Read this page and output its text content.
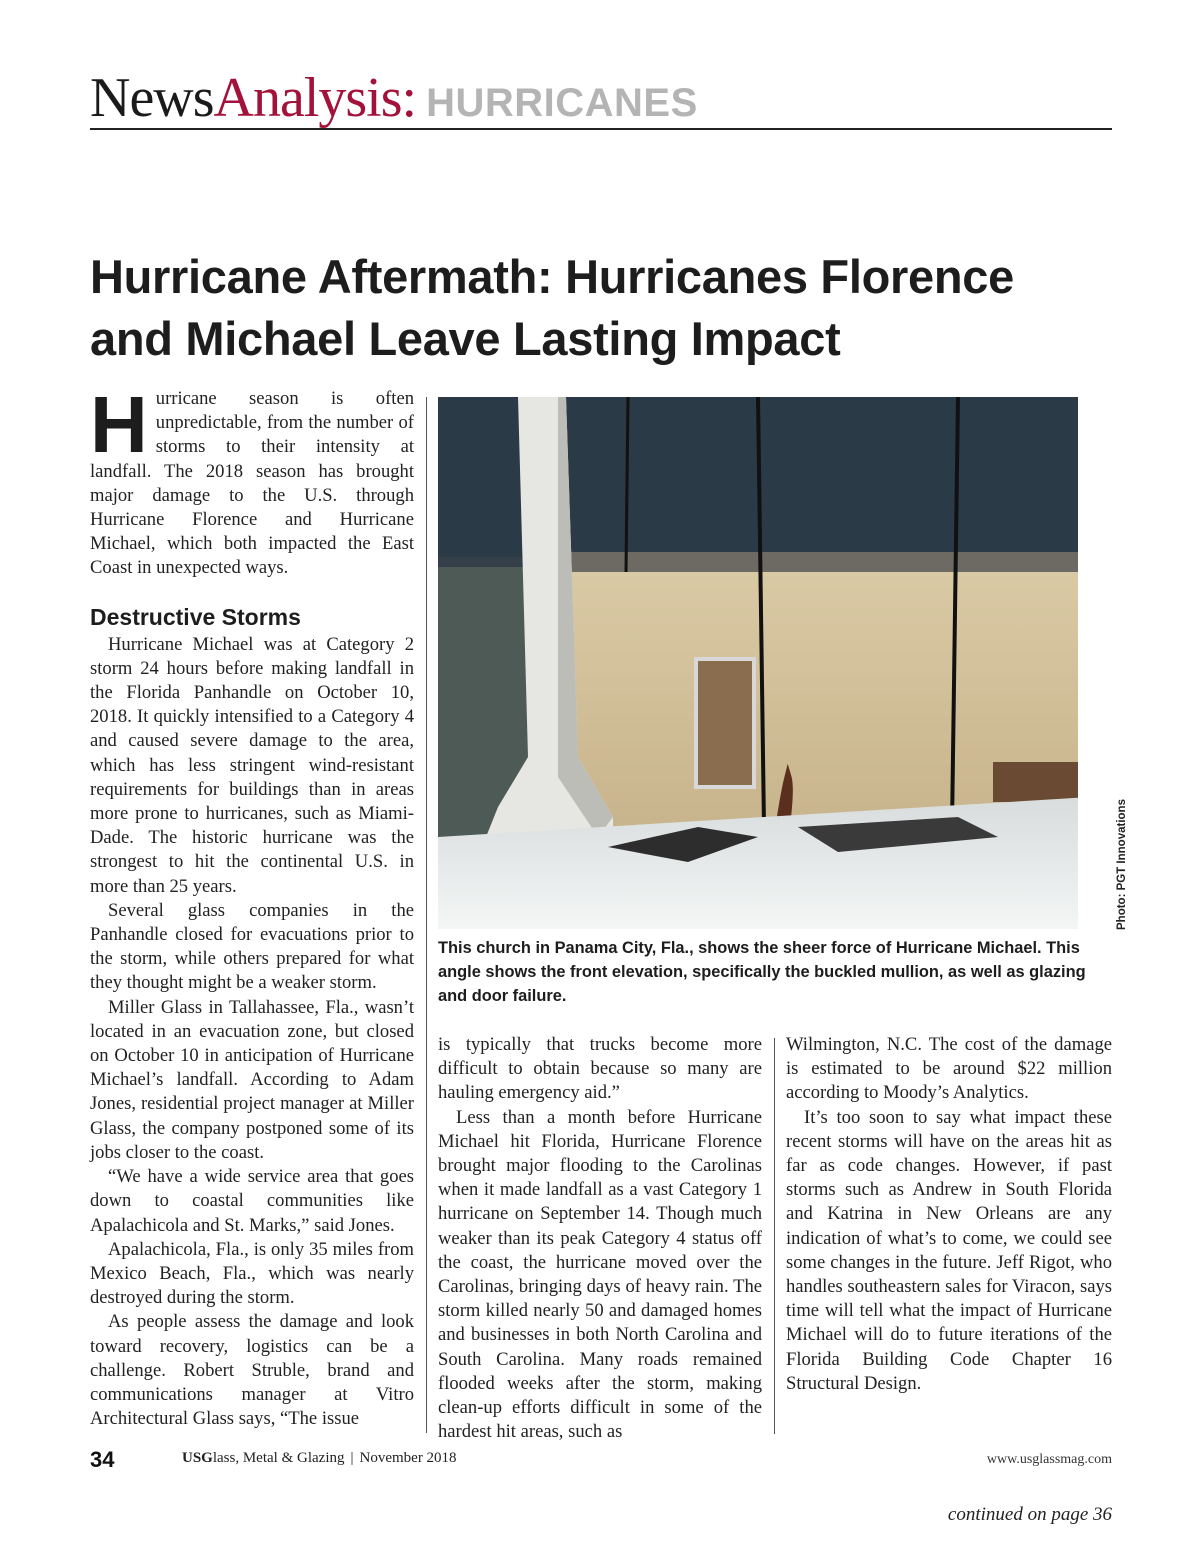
NewsAnalysis: HURRICANES
Hurricane Aftermath: Hurricanes Florence
and Michael Leave Lasting Impact

Hurricane season is often unpredictable, from the number of storms to their intensity at landfall. The 2018 season has brought major damage to the U.S. through Hurricane Florence and Hurricane Michael, which both impacted the East Coast in unexpected ways.

Destructive Storms

Hurricane Michael was at Category 2 storm 24 hours before making landfall in the Florida Panhandle on October 10, 2018. It quickly intensified to a Category 4 and caused severe damage to the area, which has less stringent wind-resistant requirements for buildings than in areas more prone to hurricanes, such as Miami-Dade. The historic hurricane was the strongest to hit the continental U.S. in more than 25 years.

Several glass companies in the Panhandle closed for evacuations prior to the storm, while others prepared for what they thought might be a weaker storm.

Miller Glass in Tallahassee, Fla., wasn’t located in an evacuation zone, but closed on October 10 in anticipation of Hurricane Michael’s landfall. According to Adam Jones, residential project manager at Miller Glass, the company postponed some of its jobs closer to the coast.

“We have a wide service area that goes down to coastal communities like Apalachicola and St. Marks,” said Jones.

Apalachicola, Fla., is only 35 miles from Mexico Beach, Fla., which was nearly destroyed during the storm.

As people assess the damage and look toward recovery, logistics can be a challenge. Robert Struble, brand and communications manager at Vitro Architectural Glass says, “The issue

Photo: PGT Innovations

This church in Panama City, Fla., shows the sheer force of Hurricane Michael. This angle shows the front elevation, specifically the buckled mullion, as well as glazing and door failure.

is typically that trucks become more difficult to obtain because so many are hauling emergency aid.”

Less than a month before Hurricane Michael hit Florida, Hurricane Florence brought major flooding to the Carolinas when it made landfall as a vast Category 1 hurricane on September 14. Though much weaker than its peak Category 4 status off the coast, the hurricane moved over the Carolinas, bringing days of heavy rain. The storm killed nearly 50 and damaged homes and businesses in both North Carolina and South Carolina. Many roads remained flooded weeks after the storm, making clean-up efforts difficult in some of the hardest hit areas, such as

Wilmington, N.C. The cost of the damage is estimated to be around $22 million according to Moody’s Analytics.

It’s too soon to say what impact these recent storms will have on the areas hit as far as code changes. However, if past storms such as Andrew in South Florida and Katrina in New Orleans are any indication of what’s to come, we could see some changes in the future. Jeff Rigot, who handles southeastern sales for Viracon, says time will tell what the impact of Hurricane Michael will do to future iterations of the Florida Building Code Chapter 16 Structural Design.

continued on page 36
34	USGlass, Metal & Glazing | November 2018	www.usglassmag.com
